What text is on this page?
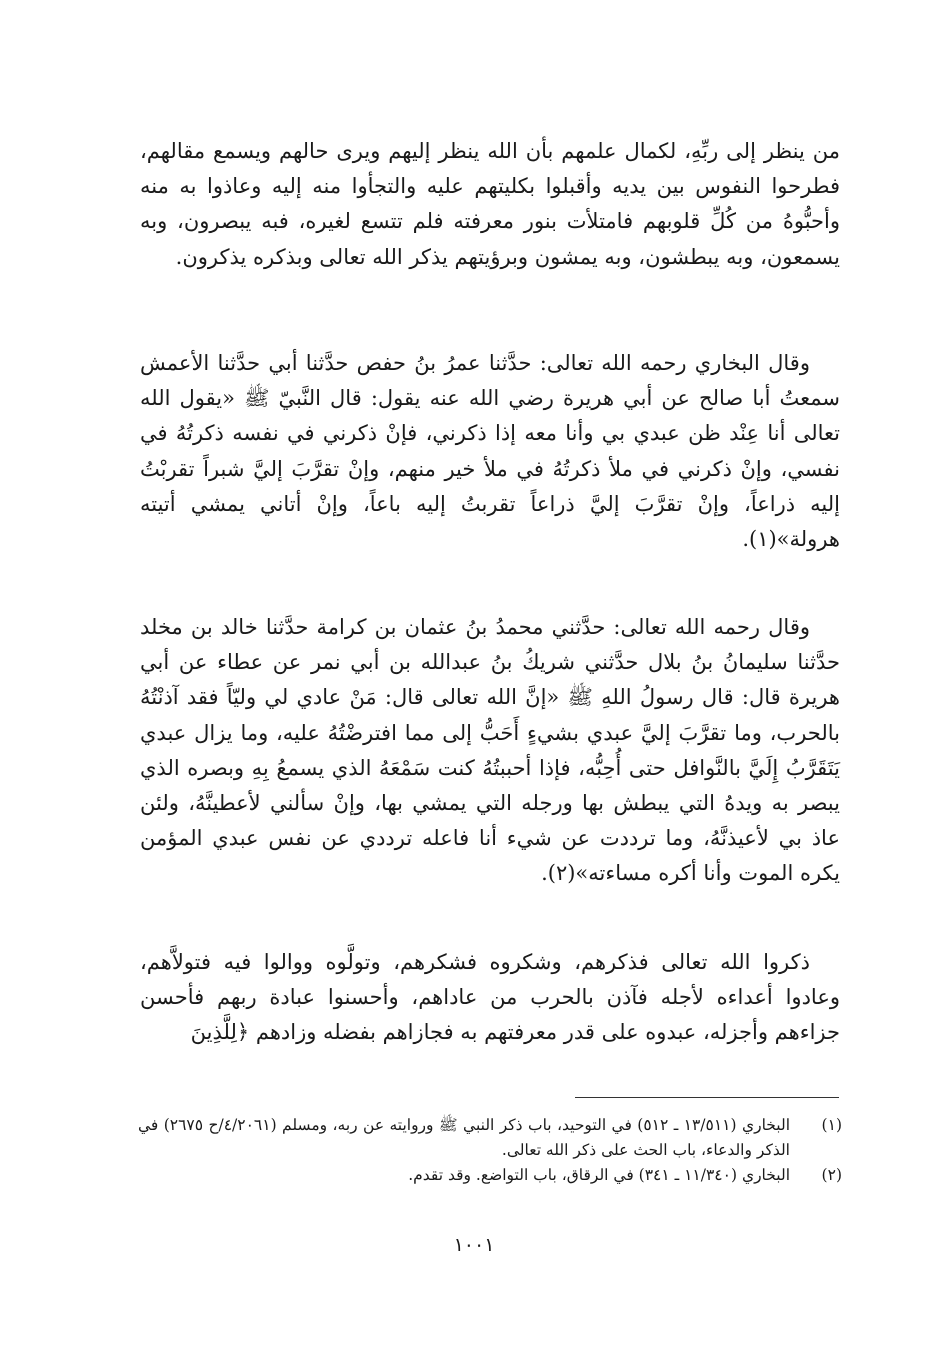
من ينظر إلى ربِّهِ، لكمال علمهم بأن الله ينظر إليهم ويرى حالهم ويسمع مقالهم، فطرحوا النفوس بين يديه وأقبلوا بكليتهم عليه والتجأوا منه إليه وعاذوا به منه وأحبُّوهُ من كُلِّ قلوبهم فامتلأت بنور معرفته فلم تتسع لغيره، فبه يبصرون، وبه يسمعون، وبه يبطشون، وبه يمشون وبرؤيتهم يذكر الله تعالى وبذكره يذكرون.

وقال البخاري رحمه الله تعالى: حدَّثنا عمرُ بنُ حفص حدَّثنا أبي حدَّثنا الأعمش سمعتُ أبا صالح عن أبي هريرة رضي الله عنه يقول: قال النَّبيّ ﷺ «يقول الله تعالى أنا عِنْد ظن عبدي بي وأنا معه إذا ذكرني، فإنْ ذكرني في نفسه ذكرتُهُ في نفسي، وإنْ ذكرني في ملأ ذكرتُهُ في ملأ خير منهم، وإنْ تقرَّبَ إليَّ شبراً تقربْتُ إليه ذراعاً، وإنْ تقرَّبَ إليَّ ذراعاً تقربتُ إليه باعاً، وإنْ أتاني يمشي أتيته هرولة»(١).

وقال رحمه الله تعالى: حدَّثني محمدُ بنُ عثمان بن كرامة حدَّثنا خالد بن مخلد حدَّثنا سليمانُ بنُ بلال حدَّثني شريكُ بنُ عبدالله بن أبي نمر عن عطاء عن أبي هريرة قال: قال رسولُ اللهِ ﷺ «إنَّ الله تعالى قال: مَنْ عادي لي وليّاً فقد آذنْتُهُ بالحرب، وما تقرَّبَ إليَّ عبدي بشيءٍ أَحَبُّ إلى مما افترضْتُهُ عليه، وما يزال عبدي يَتَقَرَّبُ إِلَيَّ بالنَّوافل حتى أُحِبُّه، فإذا أحببتُهُ كنت سَمْعَهُ الذي يسمعُ بِهِ وبصره الذي يبصر به ويدهُ التي يبطش بها ورجله التي يمشي بها، وإنْ سألني لأعطينَّهُ، ولئن عاذ بي لأعيذنَّهُ، وما ترددت عن شيء أنا فاعله ترددي عن نفس عبدي المؤمن يكره الموت وأنا أكره مساءته»(٢).

ذكروا الله تعالى فذكرهم، وشكروه فشكرهم، وتولَّوه ووالوا فيه فتولاَّهم، وعادوا أعداءه لأجله فآذن بالحرب من عاداهم، وأحسنوا عبادة ربهم فأحسن جزاءهم وأجزله، عبدوه على قدر معرفتهم به فجازاهم بفضله وزادهم ﴿لِلَّذِينَ

(١)
البخاري (١٣/٥١١ ـ ٥١٢) في التوحيد، باب ذكر النبي ﷺ وروايته عن ربه، ومسلم (٤/٢٠٦١/ح ٢٦٧٥) في الذكر والدعاء، باب الحث على ذكر الله تعالى.
(٢)
البخاري (١١/٣٤٠ ـ ٣٤١) في الرقاق، باب التواضع. وقد تقدم.
١٠٠١
